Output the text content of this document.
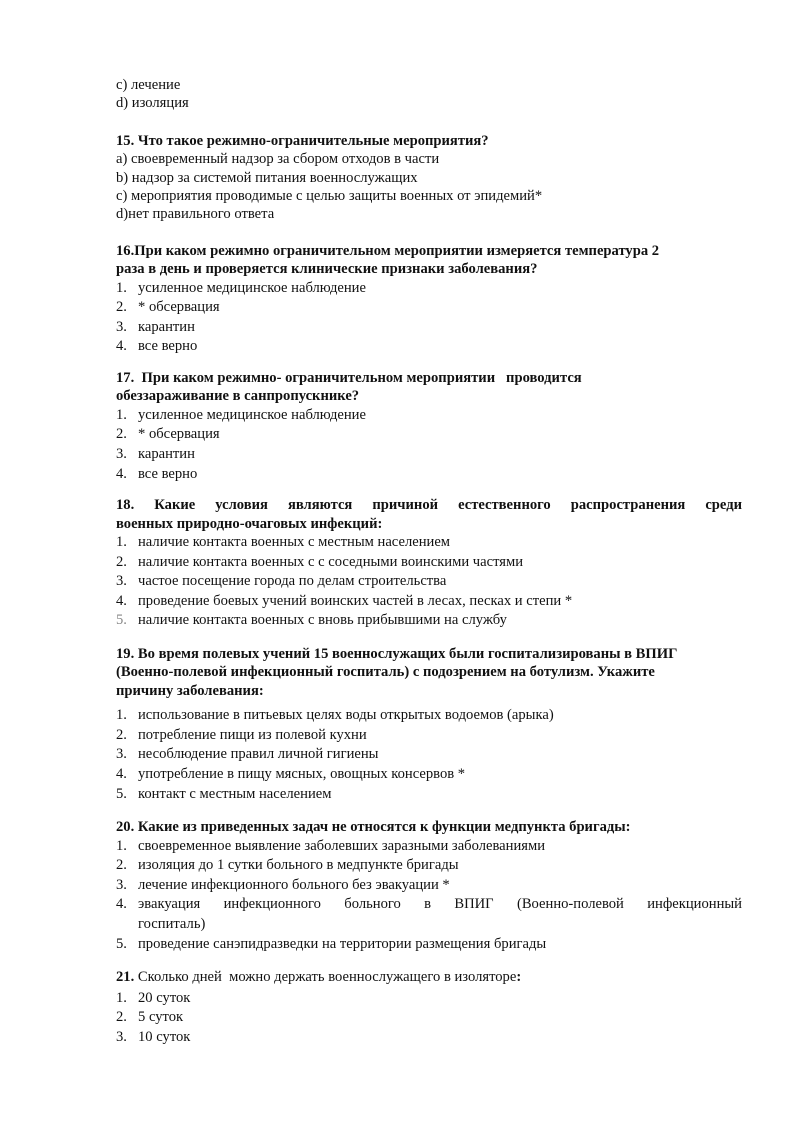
c) лечение
d) изоляция
15. Что такое режимно-ограничительные мероприятия?
a) своевременный надзор за сбором отходов в части
b) надзор за системой питания военнослужащих
c) мероприятия проводимые с целью защиты военных от эпидемий*
d)нет правильного ответа
16.При каком режимно ограничительном мероприятии измеряется температура 2
раза в день и проверяется клинические признаки заболевания?
1. усиленное медицинское наблюдение
2. * обсервация
3. карантин
4. все верно
17.  При каком режимно- ограничительном мероприятии   проводится
обеззараживание в санпропускнике?
1. усиленное медицинское наблюдение
2. * обсервация
3. карантин
4. все верно
18. Какие условия являются причиной естественного распространения среди
военных природно-очаговых инфекций:
1. наличие контакта военных с местным населением
2. наличие контакта военных с с соседными воинскими частями
3. частое посещение города по делам строительства
4. проведение боевых учений воинских частей в лесах, песках и степи *
5. наличие контакта военных с вновь прибывшими на службу
19. Во время полевых учений 15 военнослужащих были госпитализированы в ВПИГ
(Военно-полевой инфекционный госпиталь) с подозрением на ботулизм. Укажите
причину заболевания:
1. использование в питьевых целях воды открытых водоемов (арыка)
2. потребление пищи из полевой кухни
3. несоблюдение правил личной гигиены
4. употребление в пищу мясных, овощных консервов *
5. контакт с местным населением
20. Какие из приведенных задач не относятся к функции медпункта бригады:
1. своевременное выявление заболевших заразными заболеваниями
2. изоляция до 1 сутки больного в медпункте бригады
3. лечение инфекционного больного без эвакуации *
4. эвакуация инфекционного больного в ВПИГ (Военно-полевой инфекционный
госпиталь)
5. проведение санэпидразведки на территории размещения бригады
21. Сколько дней  можно держать военнослужащего в изоляторе:
1. 20 суток
2. 5 суток
3. 10 суток
